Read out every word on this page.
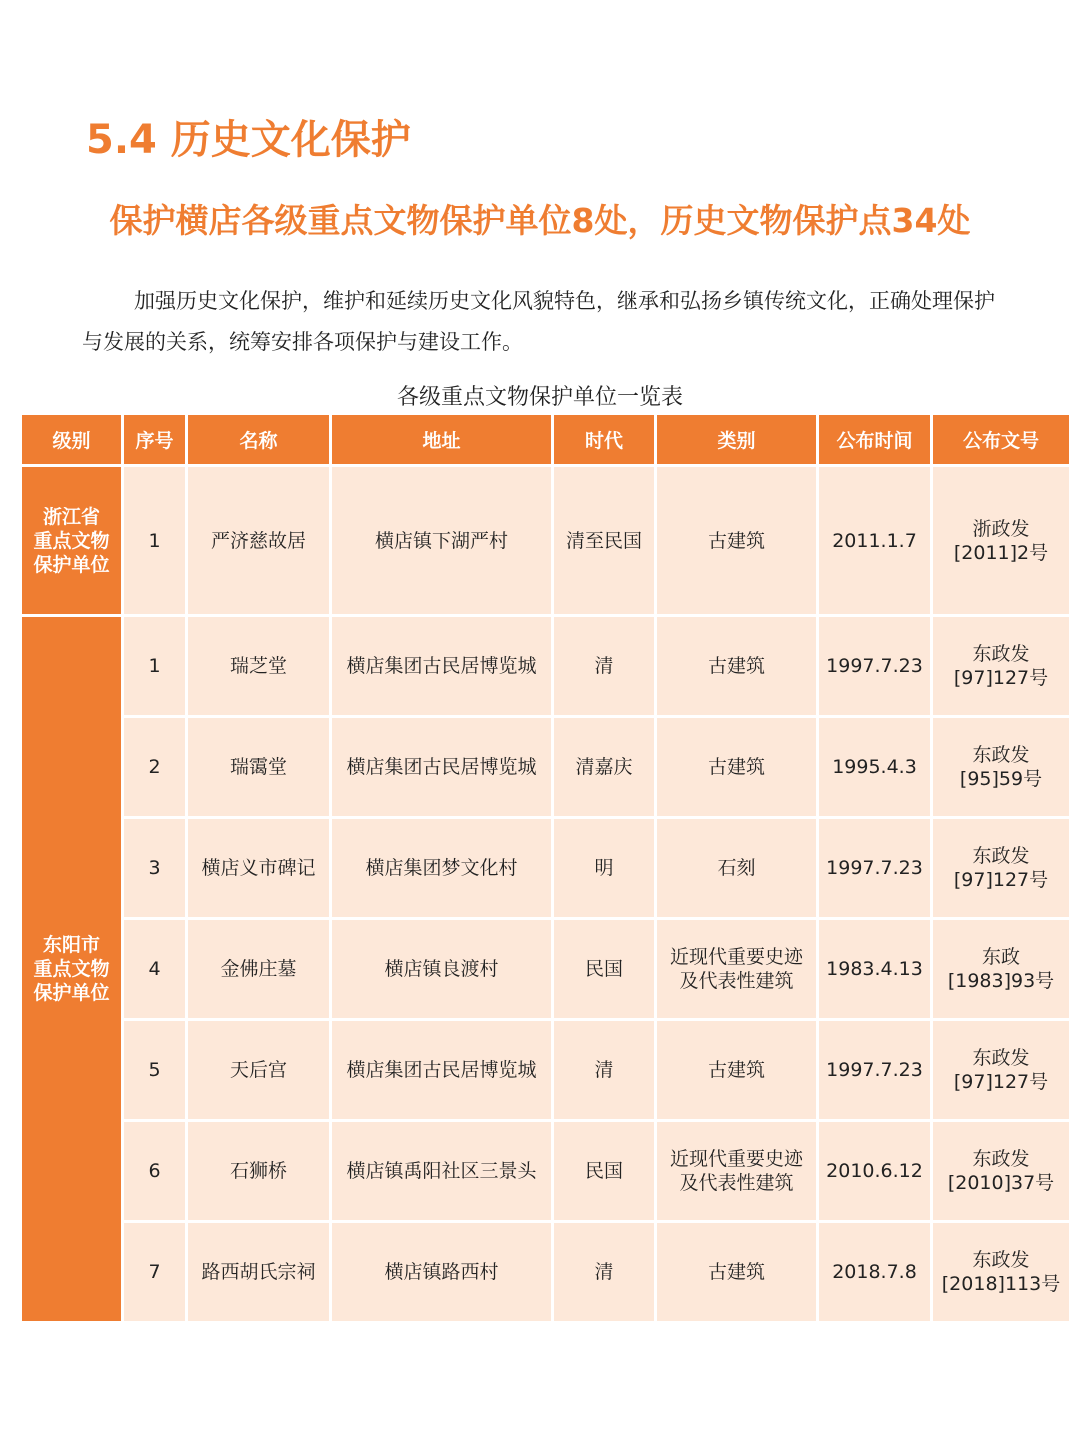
5.4 历史文化保护
保护横店各级重点文物保护单位8处，历史文物保护点34处

加强历史文化保护，维护和延续历史文化风貌特色，继承和弘扬乡镇传统文化，正确处理保护与发展的关系，统筹安排各项保护与建设工作。

各级重点文物保护单位一览表
级别	序号	名称	地址	时代	类别	公布时间	公布文号

浙江省
重点文物
保护单位	1	严济慈故居	横店镇下湖严村	清至民国	古建筑	2011.1.7	浙政发
[2011]2号

东阳市
重点文物
保护单位	1	瑞芝堂	横店集团古民居博览城	清	古建筑	1997.7.23	东政发
[97]127号

	2	瑞霭堂	横店集团古民居博览城	清嘉庆	古建筑	1995.4.3	东政发
[95]59号

	3	横店义市碑记	横店集团梦文化村	明	石刻	1997.7.23	东政发
[97]127号

	4	金佛庄墓	横店镇良渡村	民国	近现代重要史迹
及代表性建筑	1983.4.13	东政
[1983]93号

	5	天后宫	横店集团古民居博览城	清	古建筑	1997.7.23	东政发
[97]127号

	6	石狮桥	横店镇禹阳社区三景头	民国	近现代重要史迹
及代表性建筑	2010.6.12	东政发
[2010]37号

	7	路西胡氏宗祠	横店镇路西村	清	古建筑	2018.7.8	东政发
[2018]113号
